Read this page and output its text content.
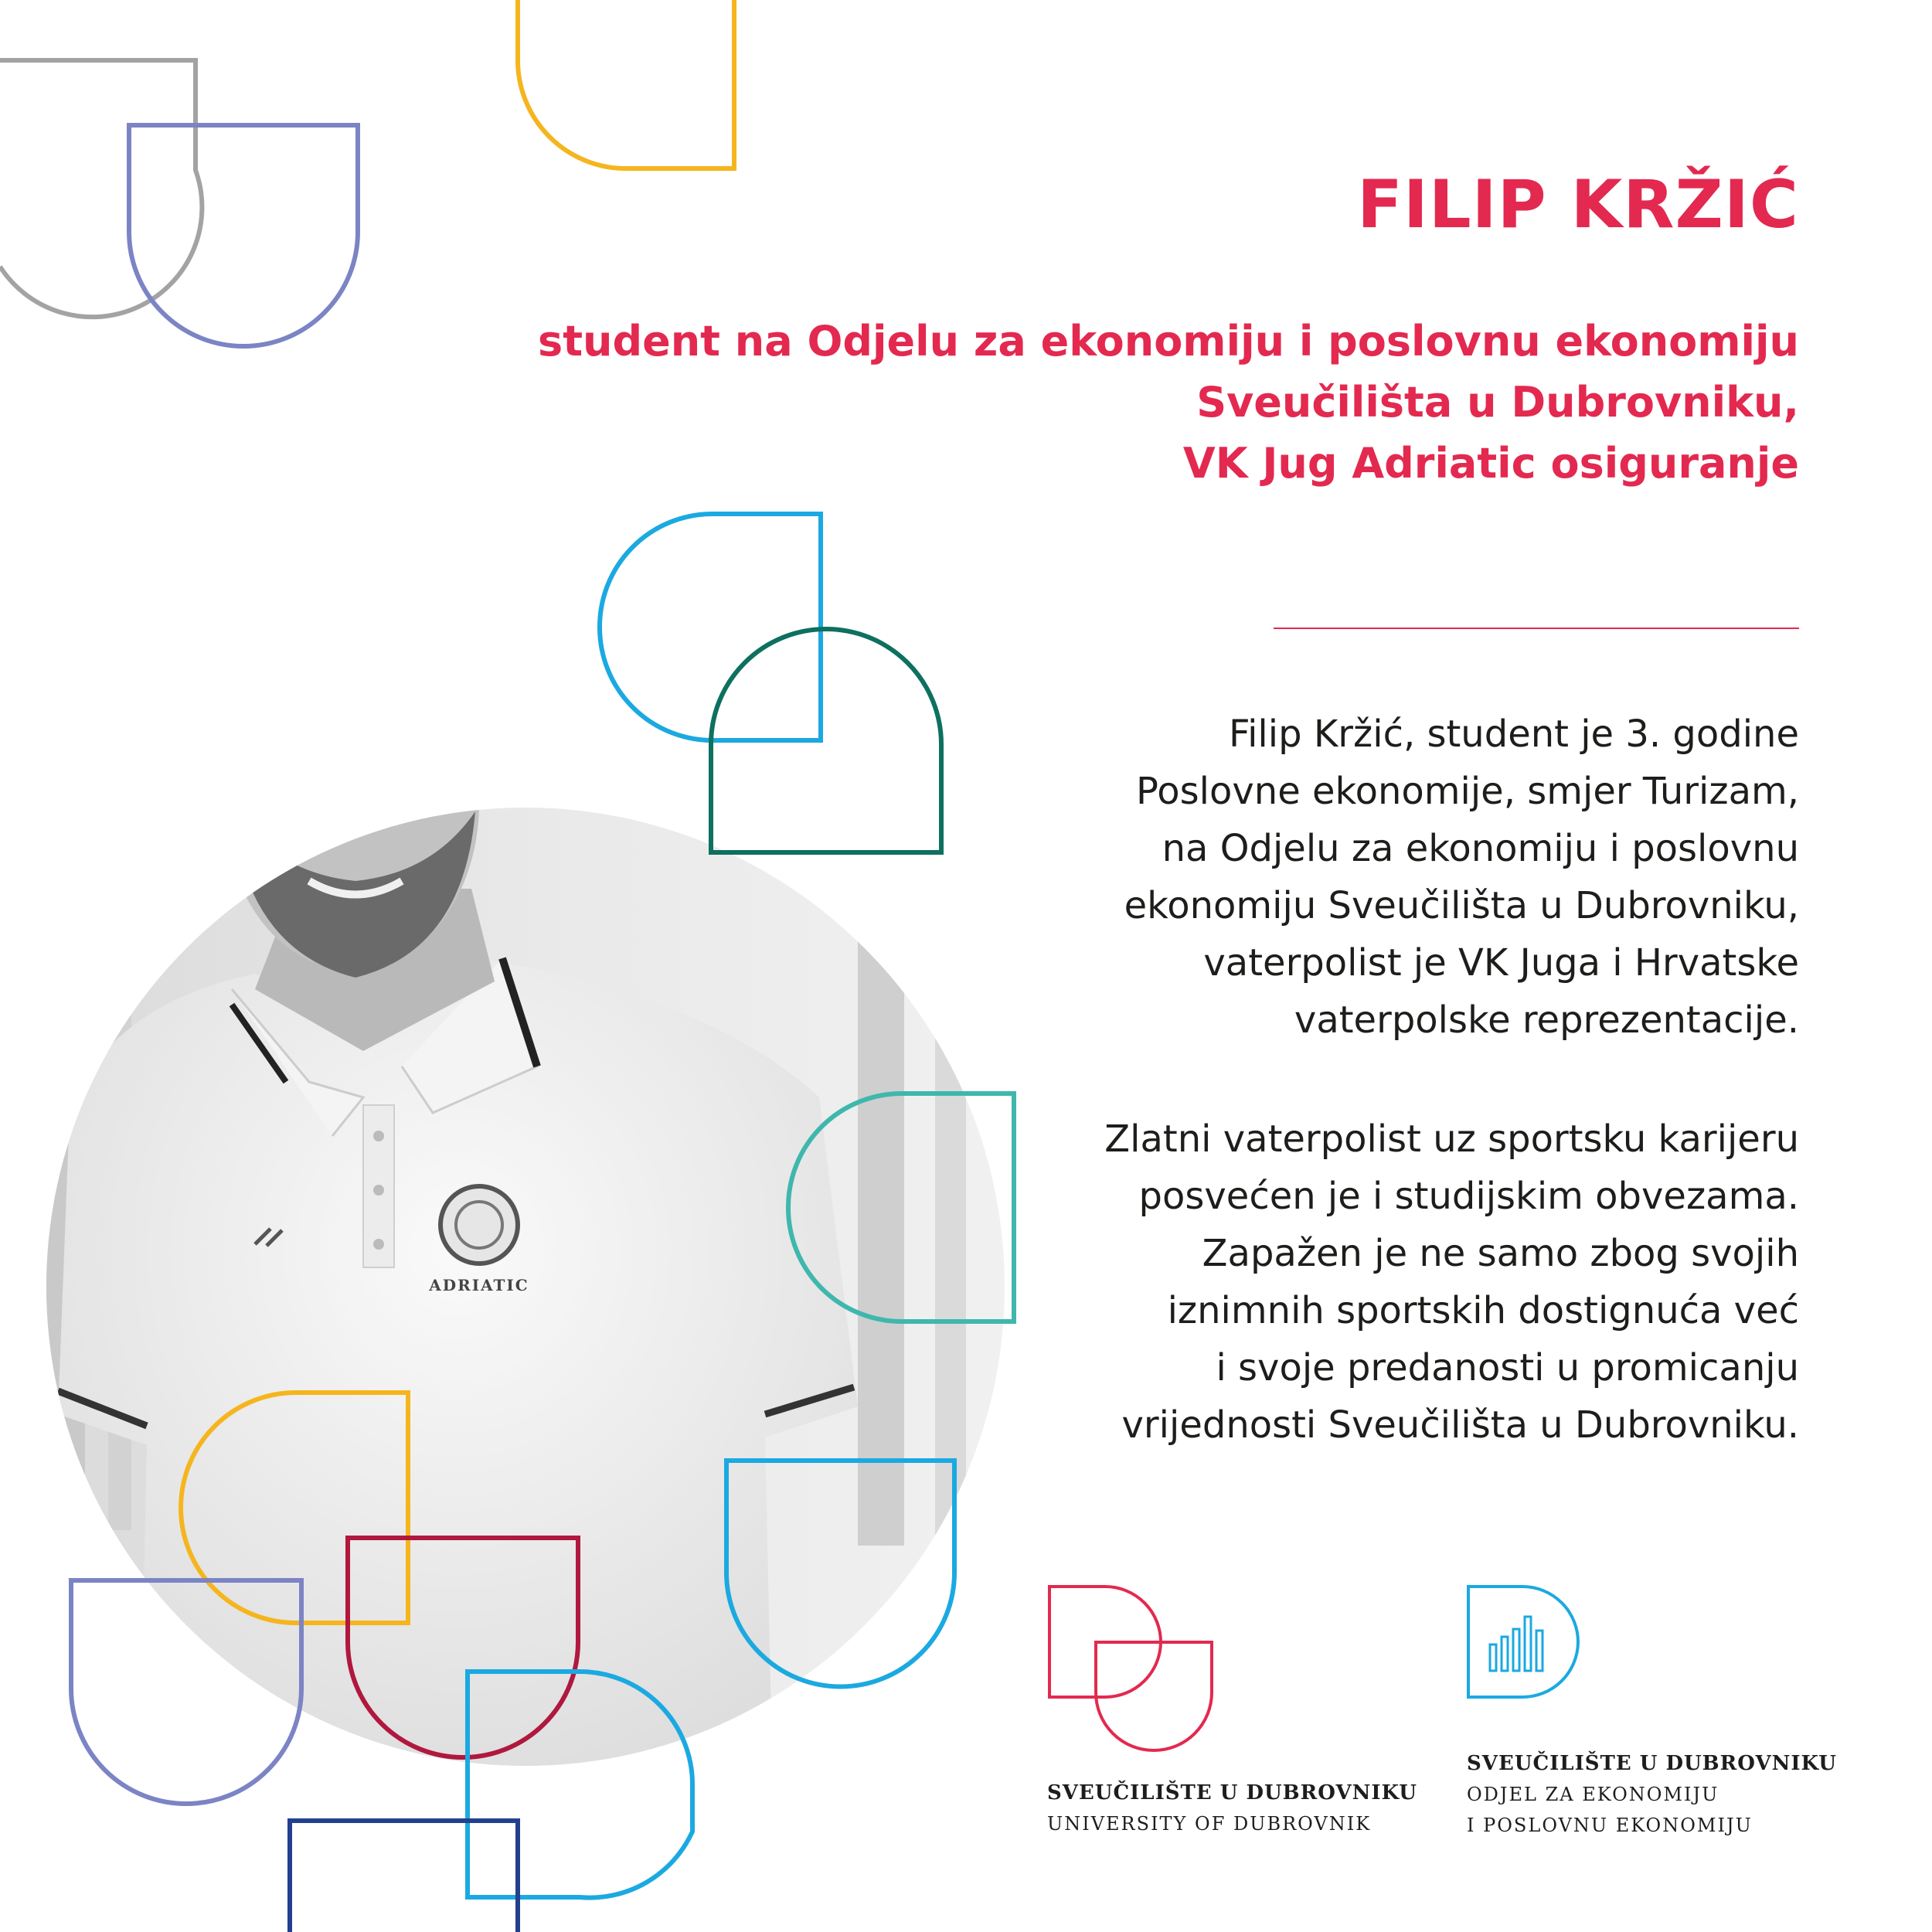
ADRIATIC
FILIP KRŽIĆ
student na Odjelu za ekonomiju i poslovnu ekonomiju
Sveučilišta u Dubrovniku,
VK Jug Adriatic osiguranje
Filip Kržić, student je 3. godine
Poslovne ekonomije, smjer Turizam,
na Odjelu za ekonomiju i poslovnu
ekonomiju Sveučilišta u Dubrovniku,
vaterpolist je VK Juga i Hrvatske
vaterpolske reprezentacije.
Zlatni vaterpolist uz sportsku karijeru
posvećen je i studijskim obvezama.
Zapažen je ne samo zbog svojih
iznimnih sportskih dostignuća već
i svoje predanosti u promicanju
vrijednosti Sveučilišta u Dubrovniku.
SVEUČILIŠTE U DUBROVNIKU
UNIVERSITY OF DUBROVNIK
SVEUČILIŠTE U DUBROVNIKU
ODJEL ZA EKONOMIJU
I POSLOVNU EKONOMIJU
